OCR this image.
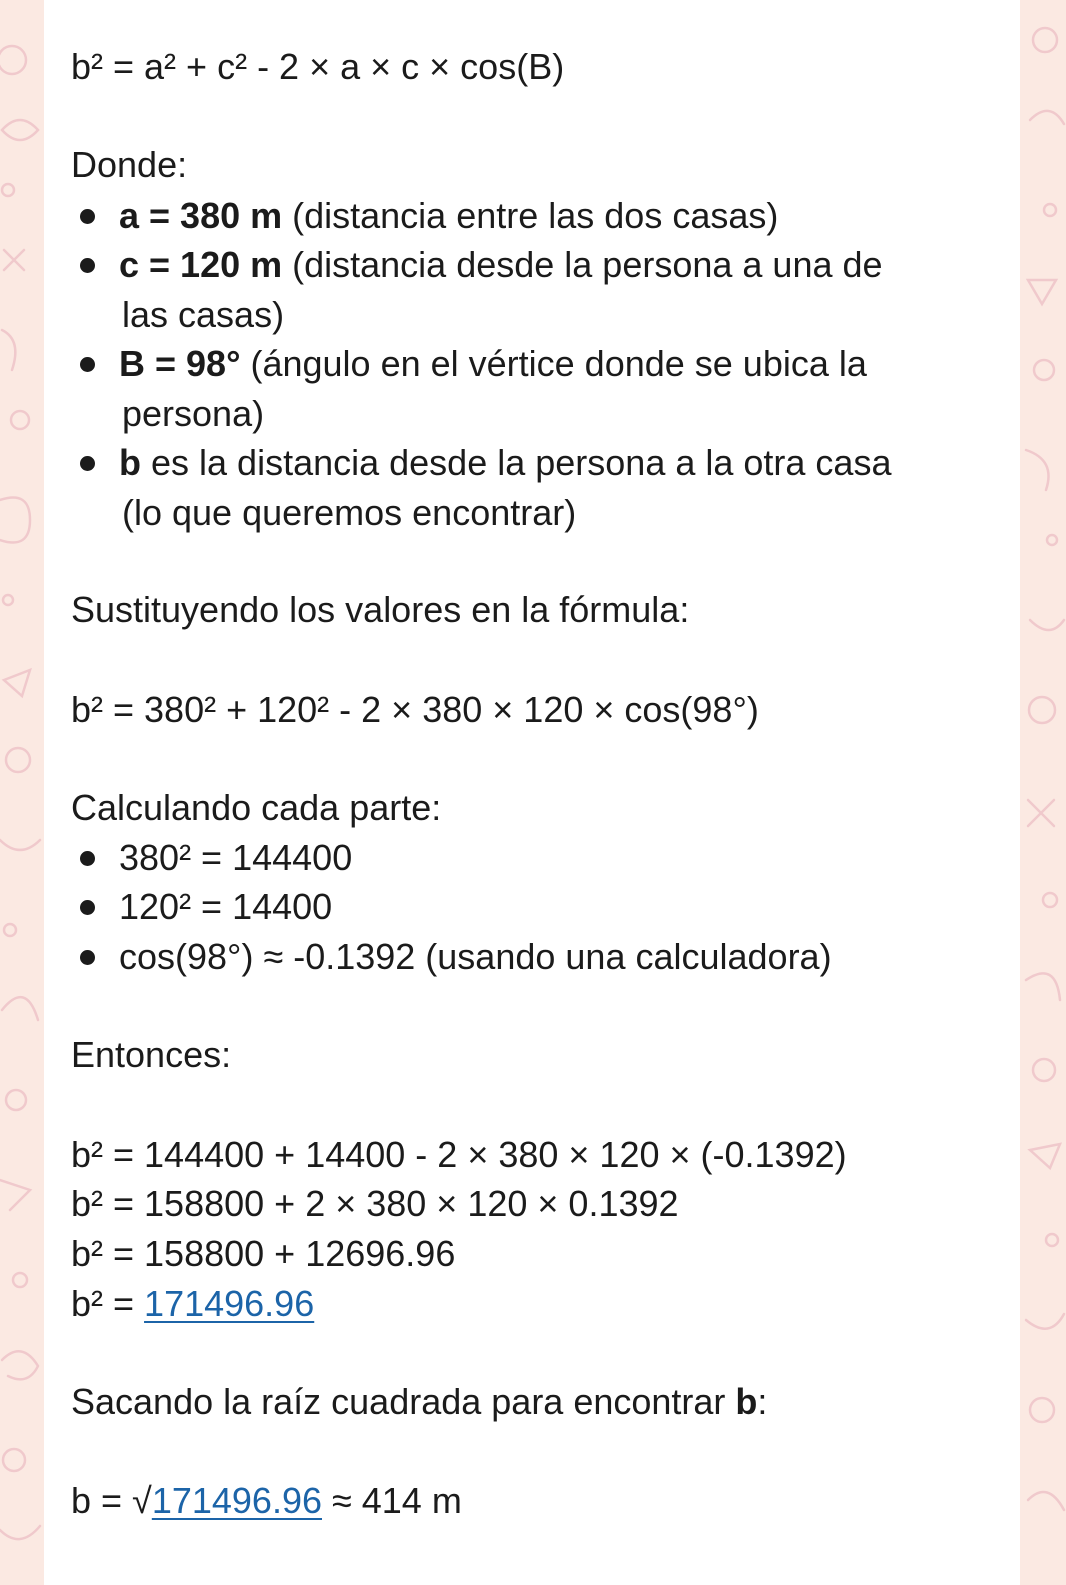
b² = a² + c² - 2 × a × c × cos(B)

Donde:

a = 380 m (distancia entre las dos casas)

c = 120 m (distancia desde la persona a una de

las casas)

B = 98° (ángulo en el vértice donde se ubica la

persona)

b es la distancia desde la persona a la otra casa

(lo que queremos encontrar)

Sustituyendo los valores en la fórmula:

b² = 380² + 120² - 2 × 380 × 120 × cos(98°)

Calculando cada parte:

380² = 144400

120² = 14400

cos(98°) ≈ -0.1392 (usando una calculadora)

Entonces:

b² = 144400 + 14400 - 2 × 380 × 120 × (-0.1392)

b² = 158800 + 2 × 380 × 120 × 0.1392

b² = 158800 + 12696.96

b² = 171496.96

Sacando la raíz cuadrada para encontrar b:

b = √171496.96 ≈ 414 m
